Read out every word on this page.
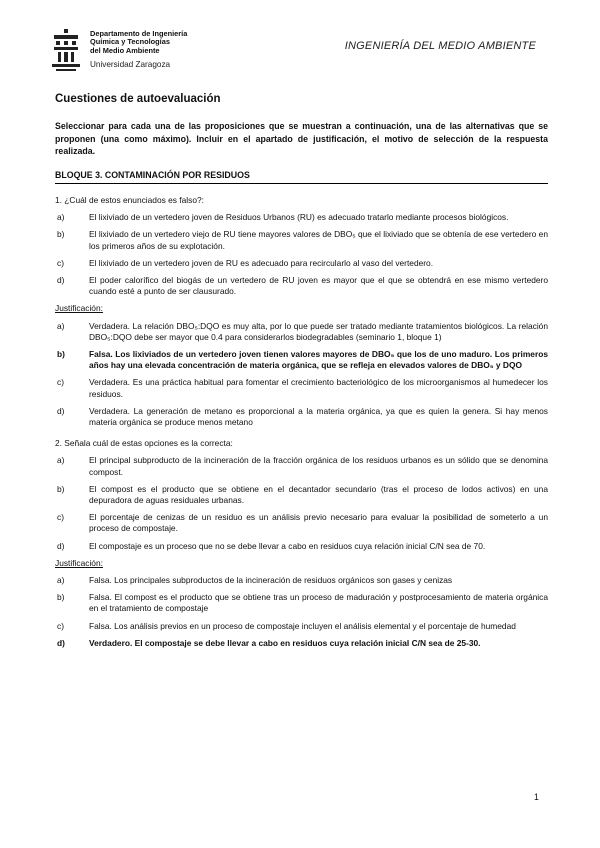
Departamento de Ingeniería
Química y Tecnologías
del Medio Ambiente
Universidad Zaragoza
INGENIERÍA DEL MEDIO AMBIENTE
Cuestiones de autoevaluación

Seleccionar para cada una de las proposiciones que se muestran a continuación, una de las alternativas que se proponen (una como máximo). Incluir en el apartado de justificación, el motivo de selección de la respuesta realizada.

BLOQUE 3. CONTAMINACIÓN POR RESIDUOS

1. ¿Cuál de estos enunciados es falso?:

a)	El lixiviado de un vertedero joven de Residuos Urbanos (RU) es adecuado tratarlo mediante procesos biológicos.
b)	El lixiviado de un vertedero viejo de RU tiene mayores valores de DBO₅ que el lixiviado que se obtenía de ese vertedero en los primeros años de su explotación.
c)	El lixiviado de un vertedero joven de RU es adecuado para recircularlo al vaso del vertedero.
d)	El poder calorífico del biogás de un vertedero de RU joven es mayor que el que se obtendrá en ese mismo vertedero cuando esté a punto de ser clausurado.

Justificación:

a)	Verdadera. La relación DBO₅:DQO es muy alta, por lo que puede ser tratado mediante tratamientos biológicos. La relación DBO₅:DQO debe ser mayor que 0.4 para considerarlos biodegradables (seminario 1, bloque 1)
b)	Falsa. Los lixiviados de un vertedero joven tienen valores mayores de DBO₅ que los de uno maduro. Los primeros años hay una elevada concentración de materia orgánica, que se refleja en elevados valores de DBO₅ y DQO
c)	Verdadera. Es una práctica habitual para fomentar el crecimiento bacteriológico de los microorganismos al humedecer los residuos.
d)	Verdadera. La generación de metano es proporcional a la materia orgánica, ya que es quien la genera. Si hay menos materia orgánica se produce menos metano

2. Señala cuál de estas opciones es la correcta:

a)	El principal subproducto de la incineración de la fracción orgánica de los residuos urbanos es un sólido que se denomina compost.
b)	El compost es el producto que se obtiene en el decantador secundario (tras el proceso de lodos activos) en una depuradora de aguas residuales urbanas.
c)	El porcentaje de cenizas de un residuo es un análisis previo necesario para evaluar la posibilidad de someterlo a un proceso de compostaje.
d)	El compostaje es un proceso que no se debe llevar a cabo en residuos cuya relación inicial C/N sea de 70.

Justificación:

a)	Falsa. Los principales subproductos de la incineración de residuos orgánicos son gases y cenizas
b)	Falsa. El compost es el producto que se obtiene tras un proceso de maduración y postprocesamiento de materia orgánica en el tratamiento de compostaje
c)	Falsa. Los análisis previos en un proceso de compostaje incluyen el análisis elemental y el porcentaje de humedad
d)	Verdadero. El compostaje se debe llevar a cabo en residuos cuya relación inicial C/N sea de 25-30.
1
